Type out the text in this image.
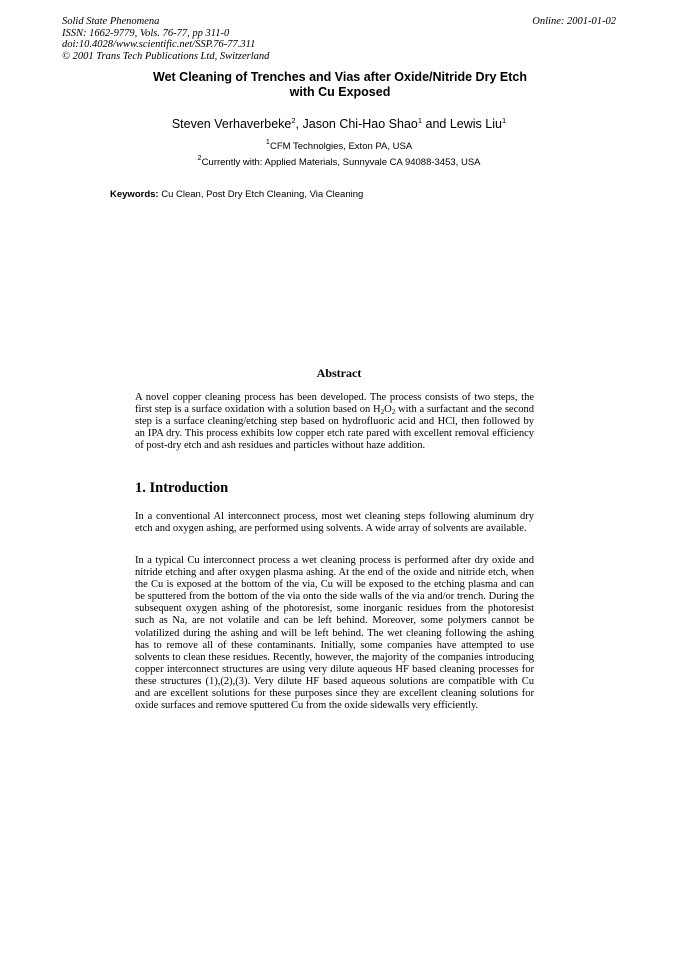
Solid State Phenomena
ISSN: 1662-9779, Vols. 76-77, pp 311-0
doi:10.4028/www.scientific.net/SSP.76-77.311
© 2001 Trans Tech Publications Ltd, Switzerland
Online: 2001-01-02
Wet Cleaning of Trenches and Vias after Oxide/Nitride Dry Etch
with Cu Exposed
Steven Verhaverbeke$^2$, Jason Chi-Hao Shao$^1$ and Lewis Liu$^1$
$^1$CFM Technolgies, Exton PA, USA
$^2$Currently with: Applied Materials, Sunnyvale CA 94088-3453, USA
Keywords: Cu Clean, Post Dry Etch Cleaning, Via Cleaning
Abstract
A novel copper cleaning process has been developed. The process consists of two steps, the first step is a surface oxidation with a solution based on $H_2O_2$ with a surfactant and the second step is a surface cleaning/etching step based on hydrofluoric acid and HCl, then followed by an IPA dry. This process exhibits low copper etch rate pared with excellent removal efficiency of post-dry etch and ash residues and particles without haze addition.
1. Introduction
In a conventional Al interconnect process, most wet cleaning steps following aluminum dry etch and oxygen ashing, are performed using solvents. A wide array of solvents are available.
In a typical Cu interconnect process a wet cleaning process is performed after dry oxide and nitride etching and after oxygen plasma ashing. At the end of the oxide and nitride etch, when the Cu is exposed at the bottom of the via, Cu will be exposed to the etching plasma and can be sputtered from the bottom of the via onto the side walls of the via and/or trench. During the subsequent oxygen ashing of the photoresist, some inorganic residues from the photoresist such as Na, are not volatile and can be left behind. Moreover, some polymers cannot be volatilized during the ashing and will be left behind. The wet cleaning following the ashing has to remove all of these contaminants. Initially, some companies have attempted to use solvents to clean these residues. Recently, however, the majority of the companies introducing copper interconnect structures are using very dilute aqueous HF based cleaning processes for these structures (1),(2),(3). Very dilute HF based aqueous solutions are compatible with Cu and are excellent solutions for these purposes since they are excellent cleaning solutions for oxide surfaces and remove sputtered Cu from the oxide sidewalls very efficiently.
